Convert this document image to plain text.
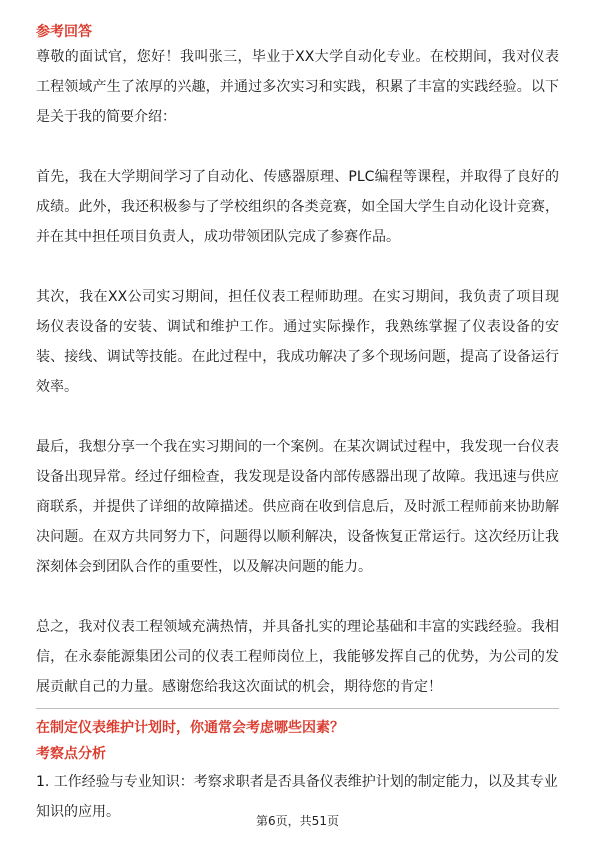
参考回答

尊敬的面试官，您好！我叫张三，毕业于XX大学自动化专业。在校期间，我对仪表工程领域产生了浓厚的兴趣，并通过多次实习和实践，积累了丰富的实践经验。以下是关于我的简要介绍：

首先，我在大学期间学习了自动化、传感器原理、PLC编程等课程，并取得了良好的成绩。此外，我还积极参与了学校组织的各类竞赛，如全国大学生自动化设计竞赛，并在其中担任项目负责人，成功带领团队完成了参赛作品。

其次，我在XX公司实习期间，担任仪表工程师助理。在实习期间，我负责了项目现场仪表设备的安装、调试和维护工作。通过实际操作，我熟练掌握了仪表设备的安装、接线、调试等技能。在此过程中，我成功解决了多个现场问题，提高了设备运行效率。

最后，我想分享一个我在实习期间的一个案例。在某次调试过程中，我发现一台仪表设备出现异常。经过仔细检查，我发现是设备内部传感器出现了故障。我迅速与供应商联系，并提供了详细的故障描述。供应商在收到信息后，及时派工程师前来协助解决问题。在双方共同努力下，问题得以顺利解决，设备恢复正常运行。这次经历让我深刻体会到团队合作的重要性，以及解决问题的能力。

总之，我对仪表工程领域充满热情，并具备扎实的理论基础和丰富的实践经验。我相信，在永泰能源集团公司的仪表工程师岗位上，我能够发挥自己的优势，为公司的发展贡献自己的力量。感谢您给我这次面试的机会，期待您的肯定！

在制定仪表维护计划时，你通常会考虑哪些因素？
考察点分析

1. 工作经验与专业知识：考察求职者是否具备仪表维护计划的制定能力，以及其专业知识的应用。

第6页，共51页
